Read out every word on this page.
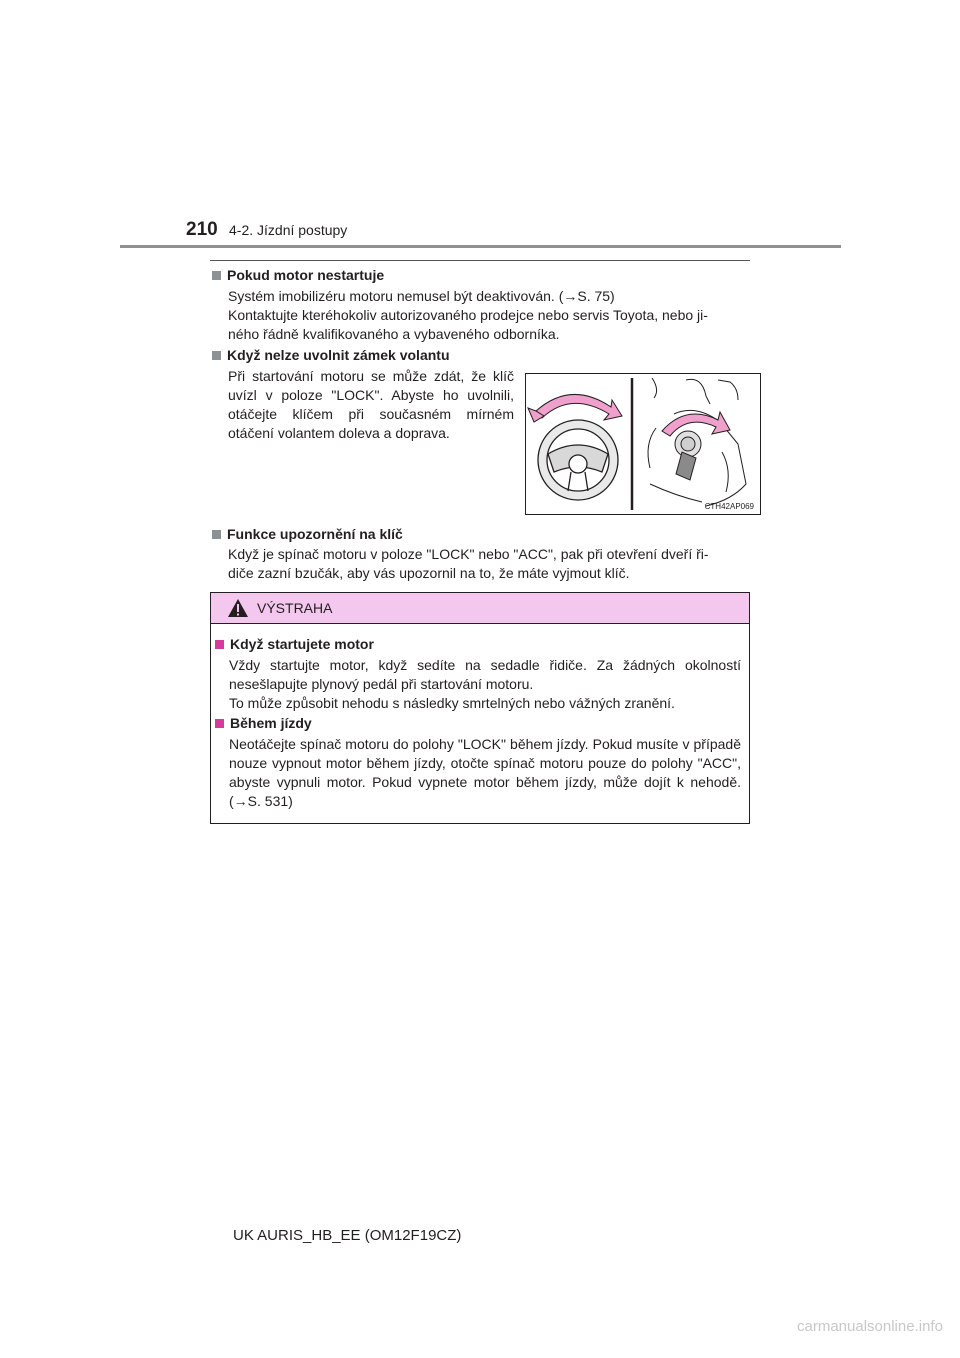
210 4-2. Jízdní postupy
Pokud motor nestartuje
Systém imobilizéru motoru nemusel být deaktivován. (→S. 75)
Kontaktujte kteréhokoliv autorizovaného prodejce nebo servis Toyota, nebo ji-
ného řádně kvalifikovaného a vybaveného odborníka.
Když nelze uvolnit zámek volantu
Při startování motoru se může zdát, že klíč uvízl v poloze "LOCK". Abyste ho uvolnili, otáčejte klíčem při současném mírném otáčení volantem doleva a doprava.
CTH42AP069
Funkce upozornění na klíč
Když je spínač motoru v poloze "LOCK" nebo "ACC", pak při otevření dveří ři-
diče zazní bzučák, aby vás upozornil na to, že máte vyjmout klíč.
VÝSTRAHA
Když startujete motor
Vždy startujte motor, když sedíte na sedadle řidiče. Za žádných okolností nesešlapujte plynový pedál při startování motoru.
To může způsobit nehodu s následky smrtelných nebo vážných zranění.
Během jízdy
Neotáčejte spínač motoru do polohy "LOCK" během jízdy. Pokud musíte v případě nouze vypnout motor během jízdy, otočte spínač motoru pouze do polohy "ACC", abyste vypnuli motor. Pokud vypnete motor během jízdy, může dojít k nehodě. (→S. 531)
UK AURIS_HB_EE (OM12F19CZ)
carmanualsonline.info
